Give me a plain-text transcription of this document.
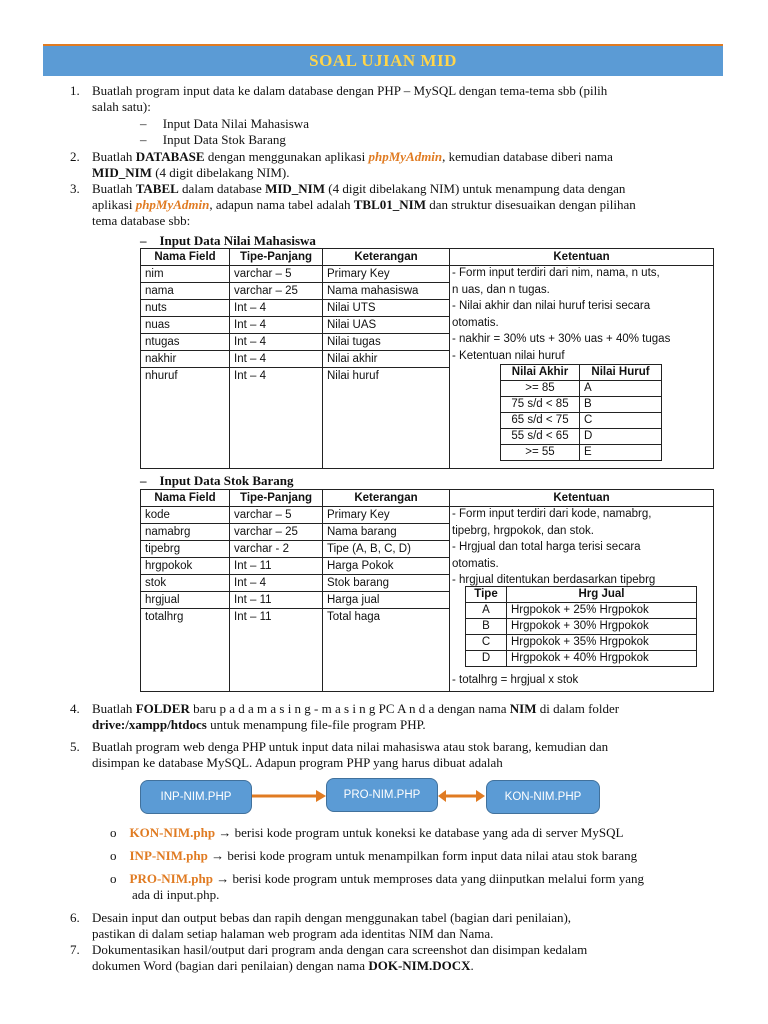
SOAL UJIAN MID
1. Buatlah program input data ke dalam database dengan PHP – MySQL dengan tema-tema sbb (pilih
salah satu):
–     Input Data Nilai Mahasiswa
–     Input Data Stok Barang
2. Buatlah DATABASE dengan menggunakan aplikasi phpMyAdmin, kemudian database diberi nama
MID_NIM (4 digit dibelakang NIM).
3. Buatlah TABEL dalam database MID_NIM (4 digit dibelakang NIM) untuk menampung data dengan
aplikasi phpMyAdmin, adapun nama tabel adalah TBL01_NIM dan struktur disesuaikan dengan pilihan
tema database sbb:
–    Input Data Nilai Mahasiswa
Nama Field	Tipe-Panjang	Keterangan	Ketentuan
nim	varchar – 5	Primary Key	
nama	varchar – 25	Nama mahasiswa	
nuts	Int – 4	Nilai UTS	
nuas	Int – 4	Nilai UAS	
ntugas	Int – 4	Nilai tugas	
nakhir	Int – 4	Nilai akhir	
nhuruf	Int – 4	Nilai huruf	
- Form input terdiri dari nim, nama, n uts,
n uas, dan n tugas.
- Nilai akhir dan nilai huruf terisi secara
otomatis.
- nakhir = 30% uts + 30% uas + 40% tugas
- Ketentuan nilai huruf
Nilai Akhir	Nilai Huruf
>= 85	A
75 s/d < 85	B
65 s/d < 75	C
55 s/d < 65	D
>= 55	E
–    Input Data Stok Barang
Nama Field	Tipe-Panjang	Keterangan	Ketentuan
kode	varchar – 5	Primary Key	
namabrg	varchar – 25	Nama barang	
tipebrg	varchar - 2	Tipe (A, B, C, D)	
hrgpokok	Int – 11	Harga Pokok	
stok	Int – 4	Stok barang	
hrgjual	Int – 11	Harga jual	
totalhrg	Int – 11	Total haga	
- Form input terdiri dari kode, namabrg,
tipebrg, hrgpokok, dan stok.
- Hrgjual dan total harga terisi secara
otomatis.
- hrgjual ditentukan berdasarkan tipebrg
Tipe	Hrg Jual
A	Hrgpokok + 25% Hrgpokok
B	Hrgpokok + 30% Hrgpokok
C	Hrgpokok + 35% Hrgpokok
D	Hrgpokok + 40% Hrgpokok
- totalhrg = hrgjual x stok
4. Buatlah FOLDER baru p a d a m a s i n g - m a s i n g PC A n d a dengan nama NIM di dalam folder
drive:/xampp/htdocs untuk menampung file-file program PHP.
5. Buatlah program web denga PHP untuk input data nilai mahasiswa atau stok barang, kemudian dan
disimpan ke database MySQL. Adapun program PHP yang harus dibuat adalah
INP-NIM.PHP	PRO-NIM.PHP	KON-NIM.PHP
o KON-NIM.php → berisi kode program untuk koneksi ke database yang ada di server MySQL
o INP-NIM.php → berisi kode program untuk menampilkan form input data nilai atau stok barang
o PRO-NIM.php → berisi kode program untuk memproses data yang diinputkan melalui form yang
ada di input.php.
6. Desain input dan output bebas dan rapih dengan menggunakan tabel (bagian dari penilaian),
pastikan di dalam setiap halaman web program ada identitas NIM dan Nama.
7. Dokumentasikan hasil/output dari program anda dengan cara screenshot dan disimpan kedalam
dokumen Word (bagian dari penilaian) dengan nama DOK-NIM.DOCX.
